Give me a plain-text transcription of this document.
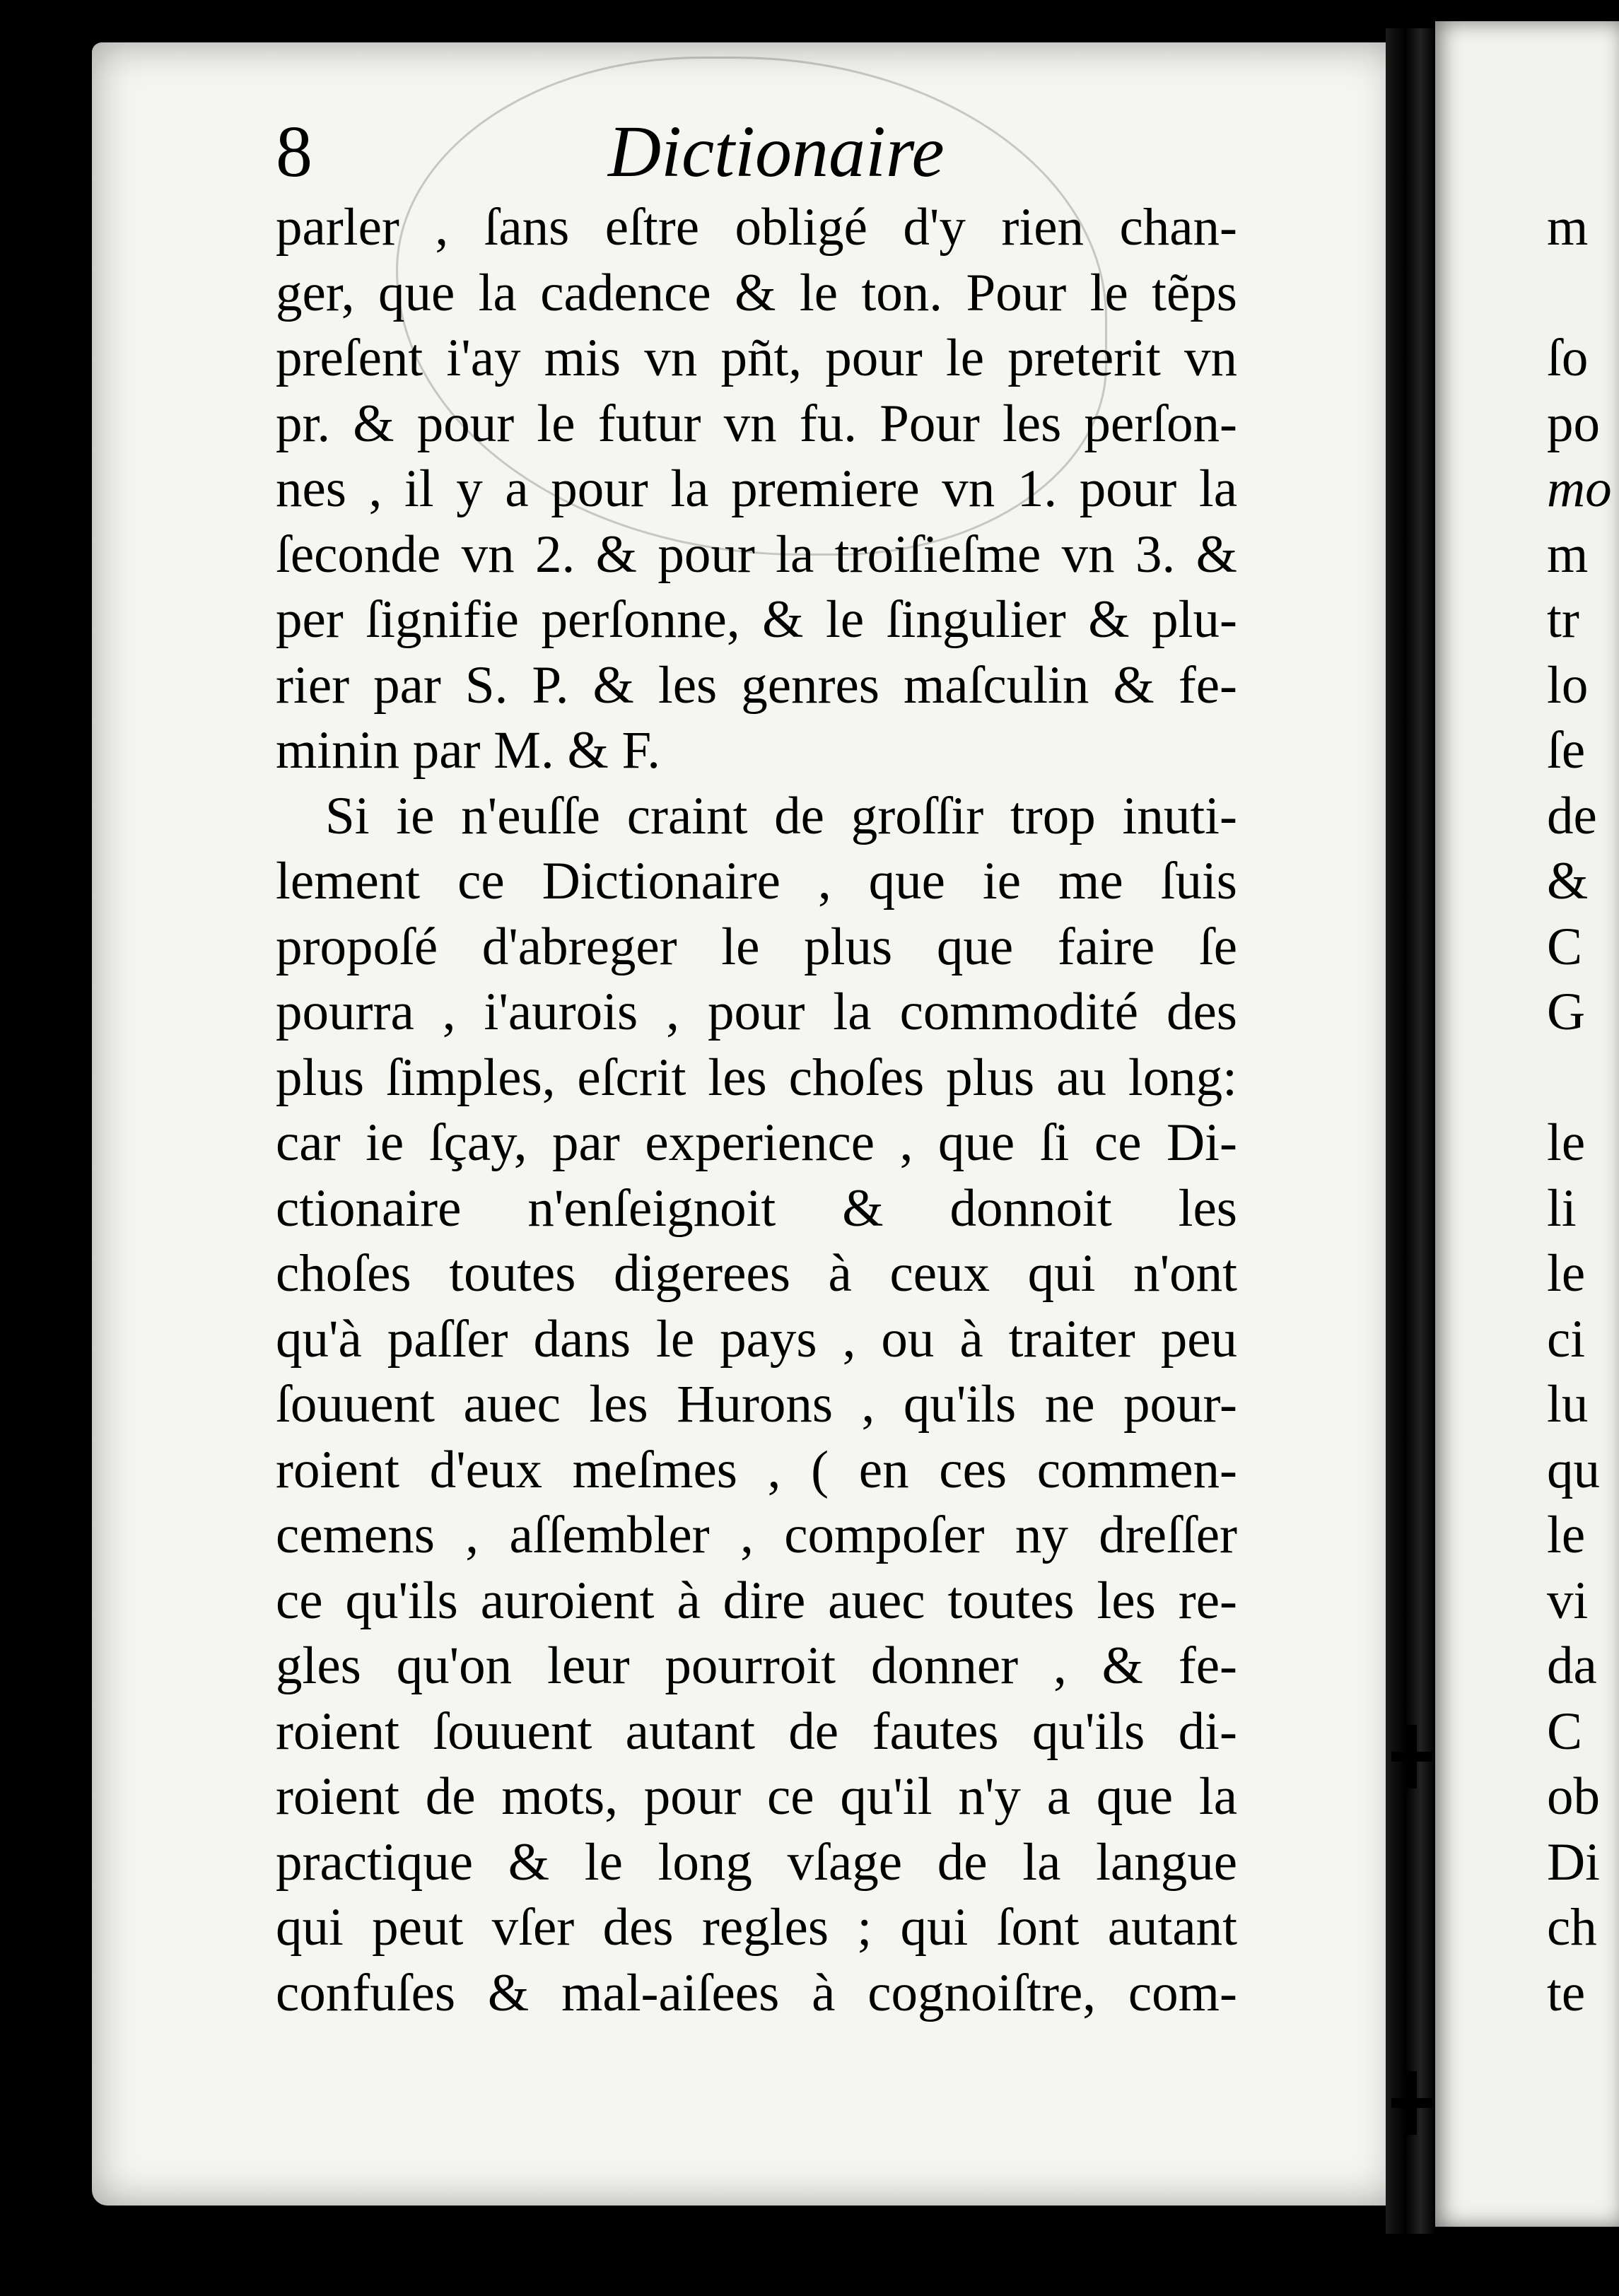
8	Dictionaire
parler , ſans eſtre obligé d'y rien chan-
ger, que la cadence & le ton. Pour le tẽps
preſent i'ay mis vn pñt, pour le preterit vn
pr. & pour le futur vn fu. Pour les perſon-
nes , il y a pour la premiere vn 1. pour la
ſeconde vn 2. & pour la troiſieſme vn 3. &
per ſignifie perſonne, & le ſingulier & plu-
rier par S. P. & les genres maſculin & fe-
minin par M. & F.
Si ie n'euſſe craint de groſſir trop inuti-
lement ce Dictionaire , que ie me ſuis
propoſé d'abreger le plus que faire ſe
pourra , i'aurois , pour la commodité des
plus ſimples, eſcrit les choſes plus au long:
car ie ſçay, par experience , que ſi ce Di-
ctionaire n'enſeignoit & donnoit les
choſes toutes digerees à ceux qui n'ont
qu'à paſſer dans le pays , ou à traiter peu
ſouuent auec les Hurons , qu'ils ne pour-
roient d'eux meſmes , ( en ces commen-
cemens , aſſembler , compoſer ny dreſſer
ce qu'ils auroient à dire auec toutes les re-
gles qu'on leur pourroit donner , & fe-
roient ſouuent autant de fautes qu'ils di-
roient de mots, pour ce qu'il n'y a que la
practique & le long vſage de la langue
qui peut vſer des regles ; qui ſont autant
confuſes & mal-aiſees à cognoiſtre, com-
m
ſo
po
mo
m
tr
lo
ſe
de
&
C
G
le
li
le
ci
lu
qu
le
vi
da
C
ob
Di
ch
te
